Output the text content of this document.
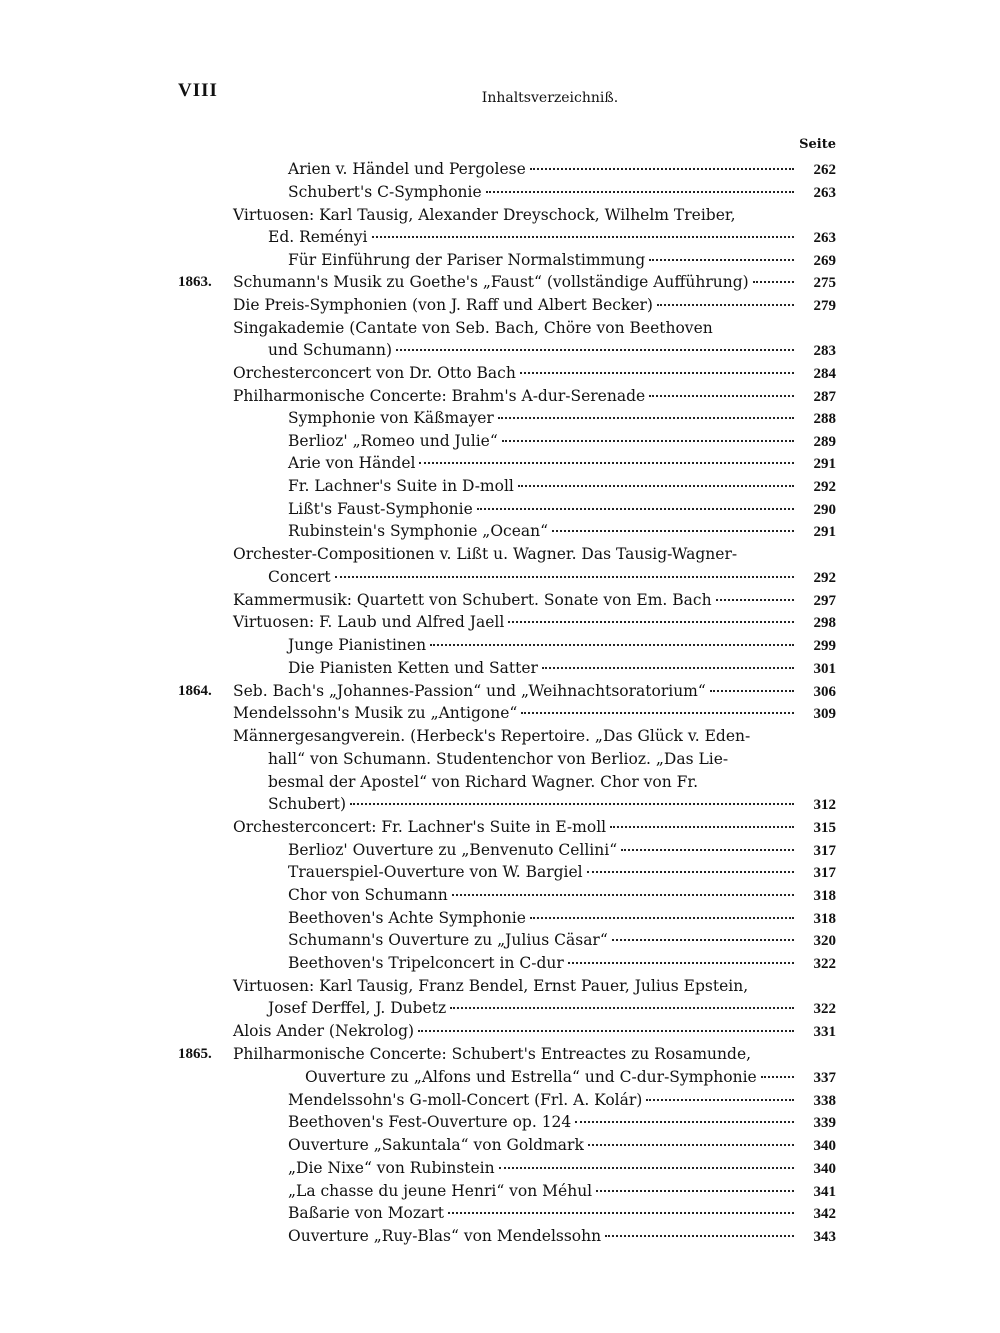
VIII	Inhaltsverzeichniß.
Seite
Arien v. Händel und Pergolese	262
Schubert's C-Symphonie	263
Virtuosen: Karl Tausig, Alexander Dreyschock, Wilhelm Treiber,
Ed. Reményi	263
Für Einführung der Pariser Normalstimmung	269
1863.	Schumann's Musik zu Goethe's „Faust“ (vollständige Aufführung)	275
Die Preis-Symphonien (von J. Raff und Albert Becker)	279
Singakademie (Cantate von Seb. Bach, Chöre von Beethoven
und Schumann)	283
Orchesterconcert von Dr. Otto Bach	284
Philharmonische Concerte: Brahm's A-dur-Serenade	287
Symphonie von Käßmayer	288
Berlioz' „Romeo und Julie“	289
Arie von Händel	291
Fr. Lachner's Suite in D-moll	292
Lißt's Faust-Symphonie	290
Rubinstein's Symphonie „Ocean“	291
Orchester-Compositionen v. Lißt u. Wagner. Das Tausig-Wagner-
Concert	292
Kammermusik: Quartett von Schubert. Sonate von Em. Bach	297
Virtuosen: F. Laub und Alfred Jaell	298
Junge Pianistinen	299
Die Pianisten Ketten und Satter	301
1864.	Seb. Bach's „Johannes-Passion“ und „Weihnachtsoratorium“	306
Mendelssohn's Musik zu „Antigone“	309
Männergesangverein. (Herbeck's Repertoire. „Das Glück v. Eden-
hall“ von Schumann. Studentenchor von Berlioz. „Das Lie-
besmal der Apostel“ von Richard Wagner. Chor von Fr.
Schubert)	312
Orchesterconcert: Fr. Lachner's Suite in E-moll	315
Berlioz' Ouverture zu „Benvenuto Cellini“	317
Trauerspiel-Ouverture von W. Bargiel	317
Chor von Schumann	318
Beethoven's Achte Symphonie	318
Schumann's Ouverture zu „Julius Cäsar“	320
Beethoven's Tripelconcert in C-dur	322
Virtuosen: Karl Tausig, Franz Bendel, Ernst Pauer, Julius Epstein,
Josef Derffel, J. Dubetz	322
Alois Ander (Nekrolog)	331
1865.	Philharmonische Concerte: Schubert's Entreactes zu Rosamunde,
Ouverture zu „Alfons und Estrella“ und C-dur-Symphonie	337
Mendelssohn's G-moll-Concert (Frl. A. Kolár)	338
Beethoven's Fest-Ouverture op. 124	339
Ouverture „Sakuntala“ von Goldmark	340
„Die Nixe“ von Rubinstein	340
„La chasse du jeune Henri“ von Méhul	341
Baßarie von Mozart	342
Ouverture „Ruy-Blas“ von Mendelssohn	343
